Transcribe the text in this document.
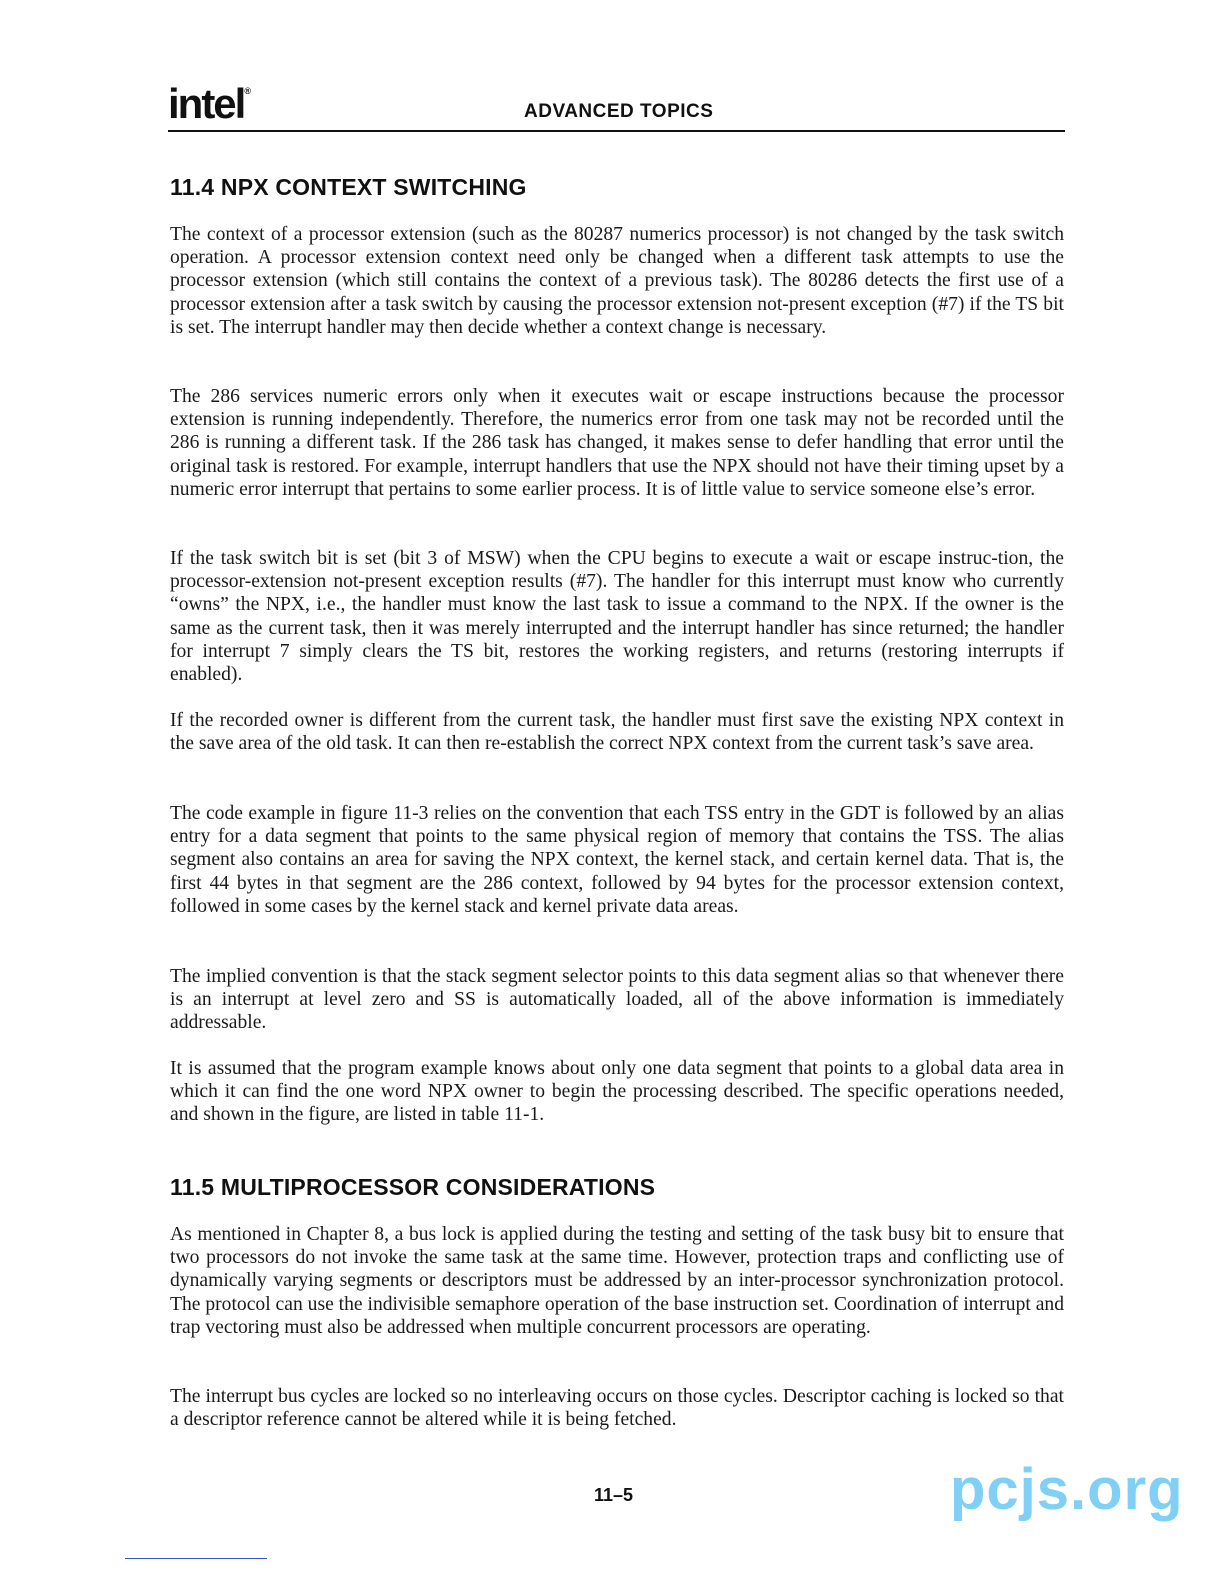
intel®
ADVANCED TOPICS
11.4 NPX CONTEXT SWITCHING

The context of a processor extension (such as the 80287 numerics processor) is not changed by the task switch operation. A processor extension context need only be changed when a different task attempts to use the processor extension (which still contains the context of a previous task). The 80286 detects the first use of a processor extension after a task switch by causing the processor extension not-present exception (#7) if the TS bit is set. The interrupt handler may then decide whether a context change is necessary.

The 286 services numeric errors only when it executes wait or escape instructions because the processor extension is running independently. Therefore, the numerics error from one task may not be recorded until the 286 is running a different task. If the 286 task has changed, it makes sense to defer handling that error until the original task is restored. For example, interrupt handlers that use the NPX should not have their timing upset by a numeric error interrupt that pertains to some earlier process. It is of little value to service someone else’s error.

If the task switch bit is set (bit 3 of MSW) when the CPU begins to execute a wait or escape instruc-tion, the processor-extension not-present exception results (#7). The handler for this interrupt must know who currently “owns” the NPX, i.e., the handler must know the last task to issue a command to the NPX. If the owner is the same as the current task, then it was merely interrupted and the interrupt handler has since returned; the handler for interrupt 7 simply clears the TS bit, restores the working registers, and returns (restoring interrupts if enabled).

If the recorded owner is different from the current task, the handler must first save the existing NPX context in the save area of the old task. It can then re-establish the correct NPX context from the current task’s save area.

The code example in figure 11-3 relies on the convention that each TSS entry in the GDT is followed by an alias entry for a data segment that points to the same physical region of memory that contains the TSS. The alias segment also contains an area for saving the NPX context, the kernel stack, and certain kernel data. That is, the first 44 bytes in that segment are the 286 context, followed by 94 bytes for the processor extension context, followed in some cases by the kernel stack and kernel private data areas.

The implied convention is that the stack segment selector points to this data segment alias so that whenever there is an interrupt at level zero and SS is automatically loaded, all of the above information is immediately addressable.

It is assumed that the program example knows about only one data segment that points to a global data area in which it can find the one word NPX owner to begin the processing described. The specific operations needed, and shown in the figure, are listed in table 11-1.

11.5 MULTIPROCESSOR CONSIDERATIONS

As mentioned in Chapter 8, a bus lock is applied during the testing and setting of the task busy bit to ensure that two processors do not invoke the same task at the same time. However, protection traps and conflicting use of dynamically varying segments or descriptors must be addressed by an inter-processor synchronization protocol. The protocol can use the indivisible semaphore operation of the base instruction set. Coordination of interrupt and trap vectoring must also be addressed when multiple concurrent processors are operating.

The interrupt bus cycles are locked so no interleaving occurs on those cycles. Descriptor caching is locked so that a descriptor reference cannot be altered while it is being fetched.

11–5	pcjs.org
